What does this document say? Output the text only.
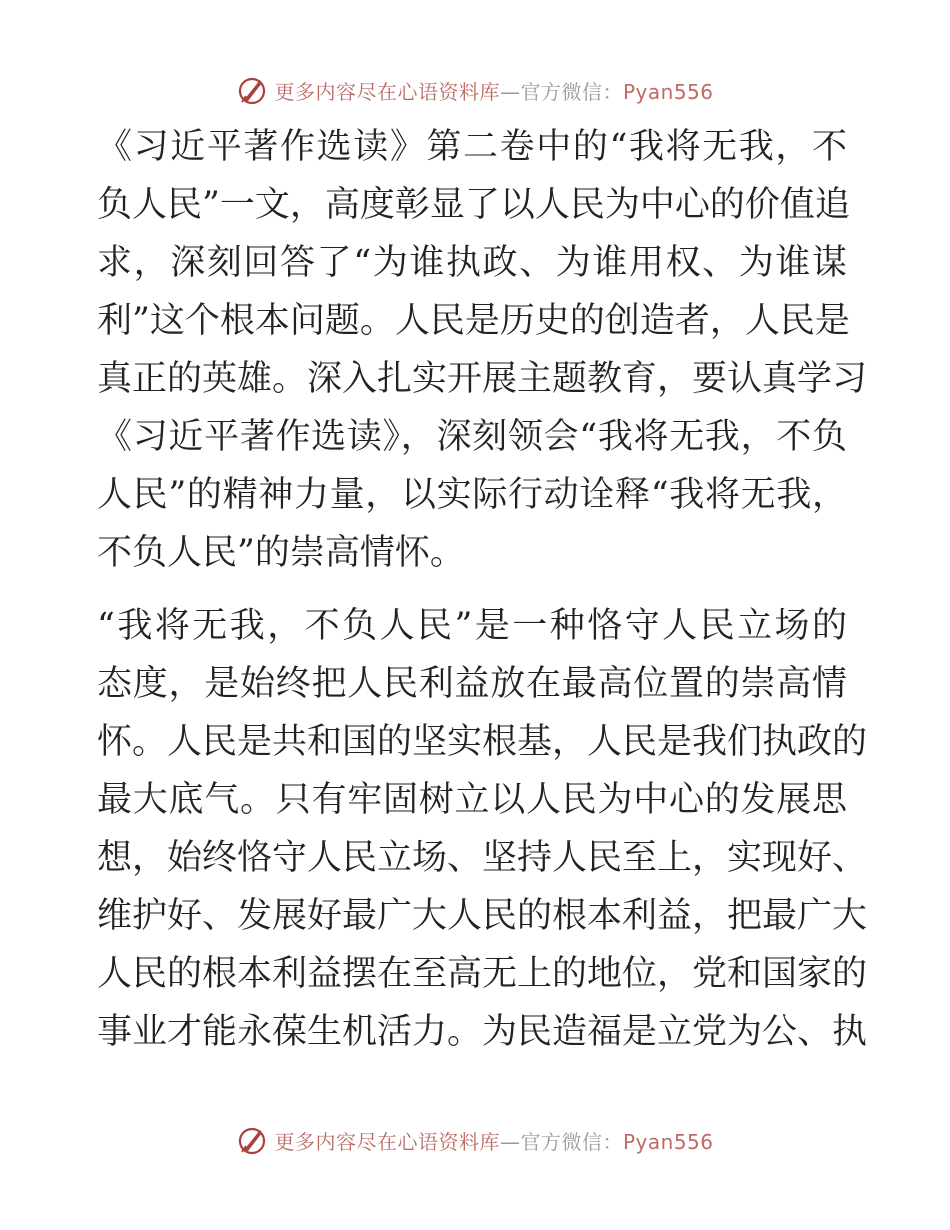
更多内容尽在心语资料库—官方微信：Pyan556
《习近平著作选读》第二卷中的“我将无我，不
负人民”一文，高度彰显了以人民为中心的价值追
求，深刻回答了“为谁执政、为谁用权、为谁谋
利”这个根本问题。人民是历史的创造者，人民是
真正的英雄。深入扎实开展主题教育，要认真学习
《习近平著作选读》，深刻领会“我将无我，不负
人民”的精神力量，以实际行动诠释“我将无我，
不负人民”的崇高情怀。
“我将无我，不负人民”是一种恪守人民立场的
态度，是始终把人民利益放在最高位置的崇高情
怀。人民是共和国的坚实根基，人民是我们执政的
最大底气。只有牢固树立以人民为中心的发展思
想，始终恪守人民立场、坚持人民至上，实现好、
维护好、发展好最广大人民的根本利益，把最广大
人民的根本利益摆在至高无上的地位，党和国家的
事业才能永葆生机活力。为民造福是立党为公、执
更多内容尽在心语资料库—官方微信：Pyan556
